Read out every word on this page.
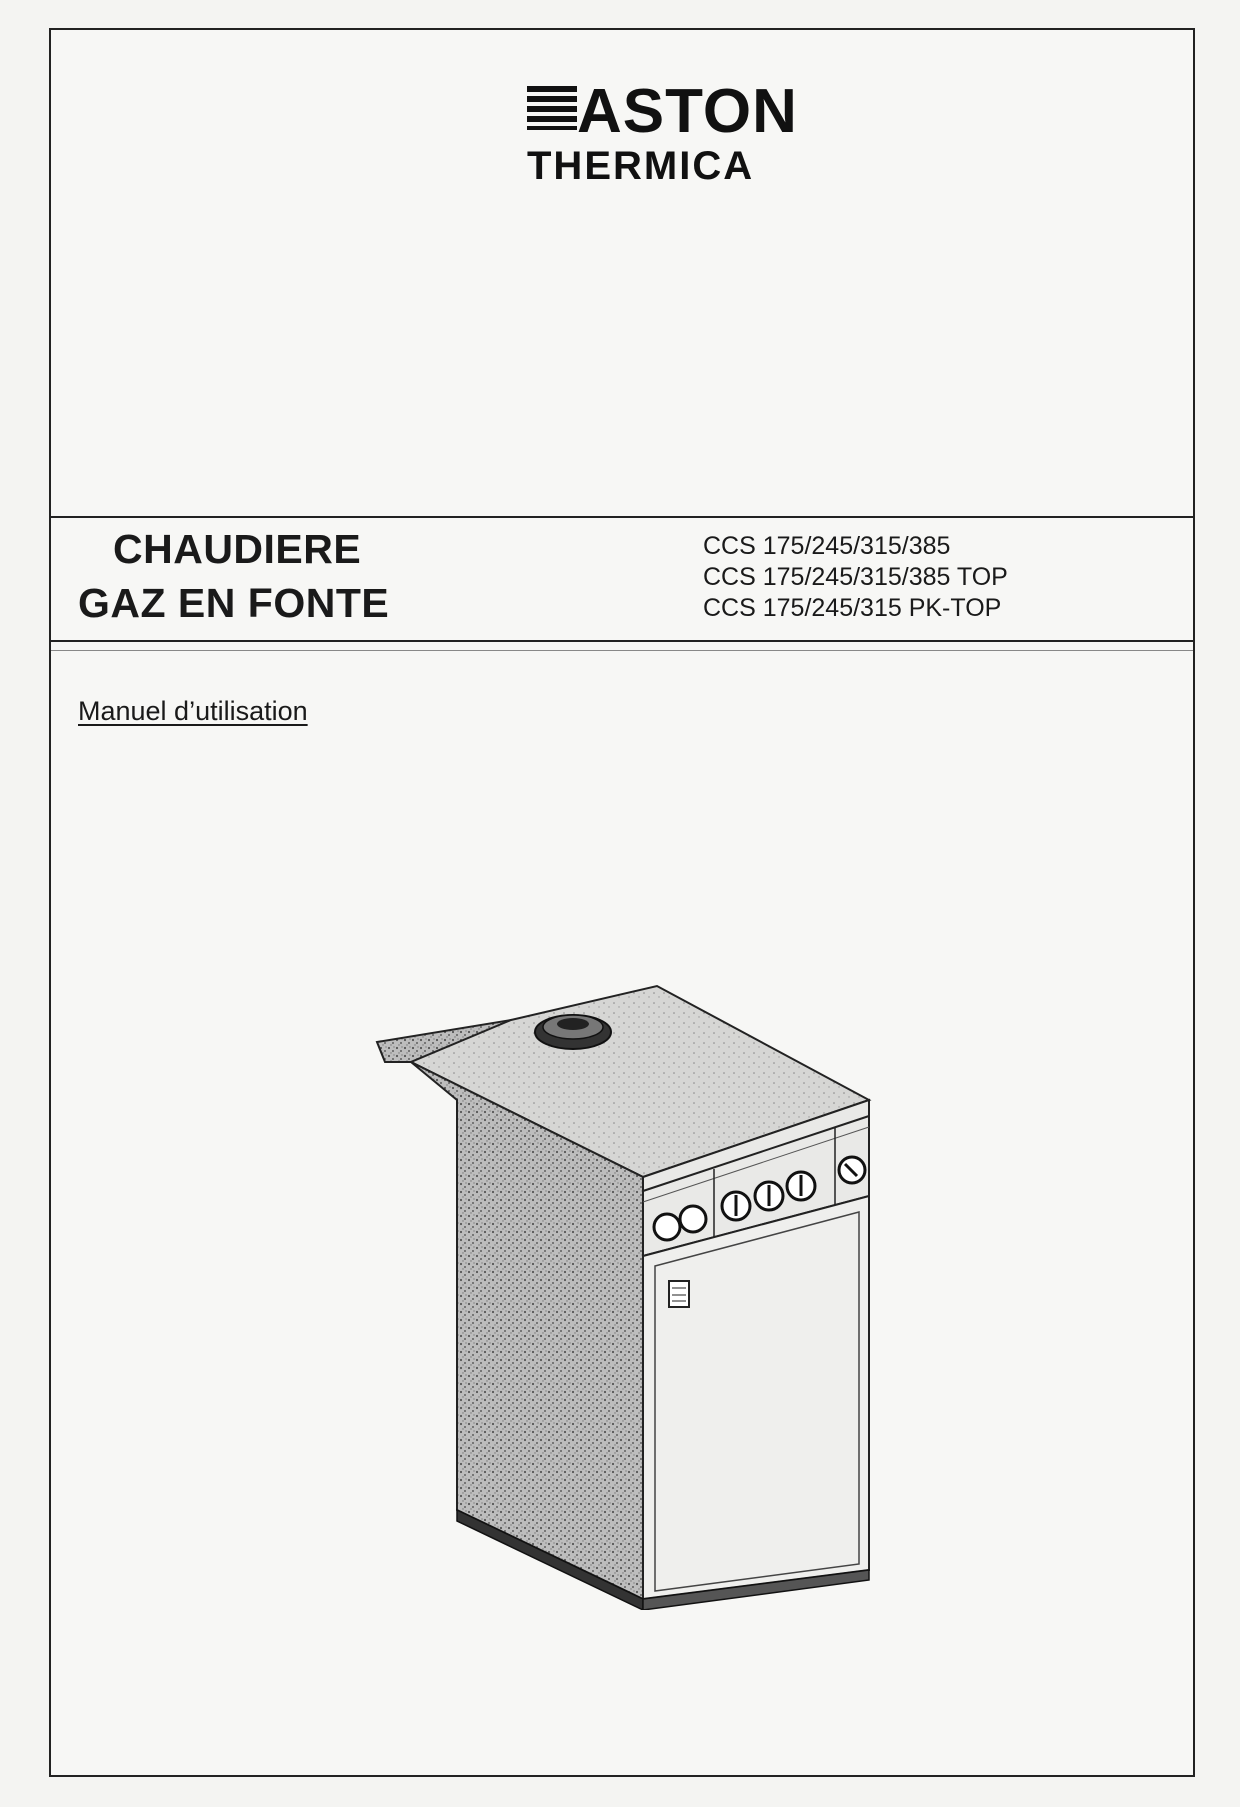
ASTON
THERMICA
CHAUDIERE
GAZ EN FONTE
CCS 175/245/315/385
CCS 175/245/315/385 TOP
CCS 175/245/315 PK-TOP
Manuel d’utilisation
